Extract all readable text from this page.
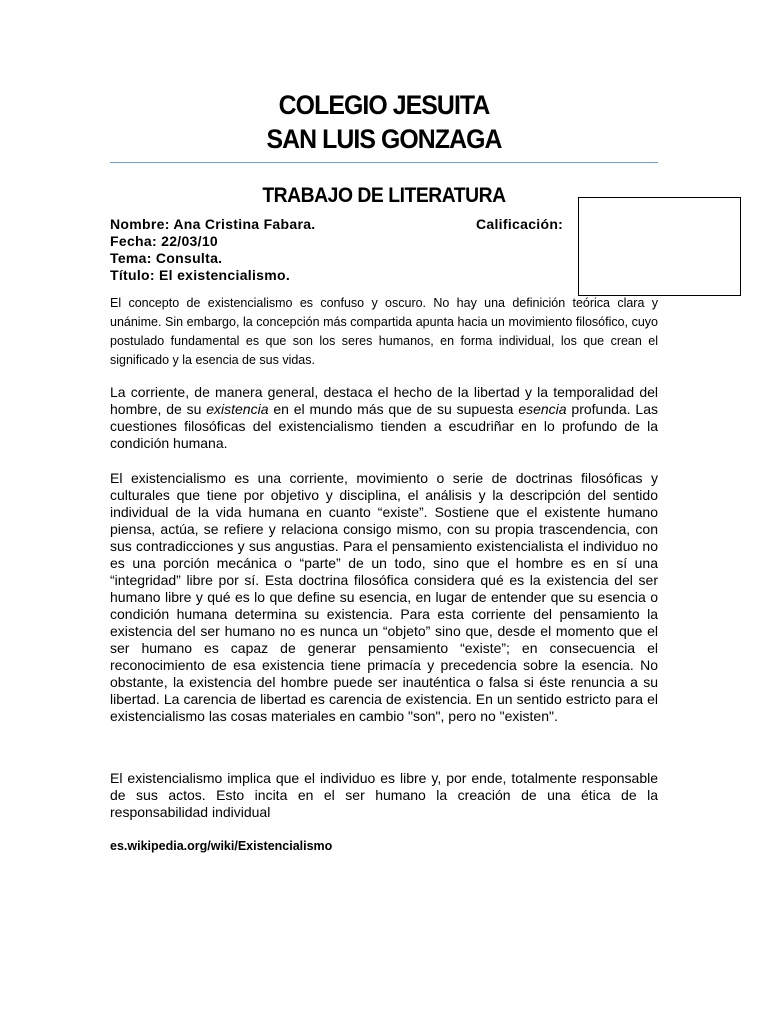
COLEGIO JESUITA
SAN LUIS GONZAGA
TRABAJO DE LITERATURA
Nombre: Ana Cristina Fabara.	Calificación:
Fecha: 22/03/10
Tema: Consulta.
Título: El existencialismo.

El concepto de existencialismo es confuso y oscuro. No hay una definición teórica clara y unánime. Sin embargo, la concepción más compartida apunta hacia un movimiento filosófico, cuyo postulado fundamental es que son los seres humanos, en forma individual, los que crean el significado y la esencia de sus vidas.

La corriente, de manera general, destaca el hecho de la libertad y la temporalidad del hombre, de su existencia en el mundo más que de su supuesta esencia profunda. Las cuestiones filosóficas del existencialismo tienden a escudriñar en lo profundo de la condición humana.

El existencialismo es una corriente, movimiento o serie de doctrinas filosóficas y culturales que tiene por objetivo y disciplina, el análisis y la descripción del sentido individual de la vida humana en cuanto “existe”. Sostiene que el existente humano piensa, actúa, se refiere y relaciona consigo mismo, con su propia trascendencia, con sus contradicciones y sus angustias. Para el pensamiento existencialista el individuo no es una porción mecánica o “parte” de un todo, sino que el hombre es en sí una “integridad” libre por sí. Esta doctrina filosófica considera qué es la existencia del ser humano libre y qué es lo que define su esencia, en lugar de entender que su esencia o condición humana determina su existencia. Para esta corriente del pensamiento la existencia del ser humano no es nunca un “objeto” sino que, desde el momento que el ser humano es capaz de generar pensamiento “existe”; en consecuencia el reconocimiento de esa existencia tiene primacía y precedencia sobre la esencia. No obstante, la existencia del hombre puede ser inauténtica o falsa si éste renuncia a su libertad. La carencia de libertad es carencia de existencia. En un sentido estricto para el existencialismo las cosas materiales en cambio "son", pero no "existen".

El existencialismo implica que el individuo es libre y, por ende, totalmente responsable de sus actos. Esto incita en el ser humano la creación de una ética de la responsabilidad individual

es.wikipedia.org/wiki/Existencialismo
